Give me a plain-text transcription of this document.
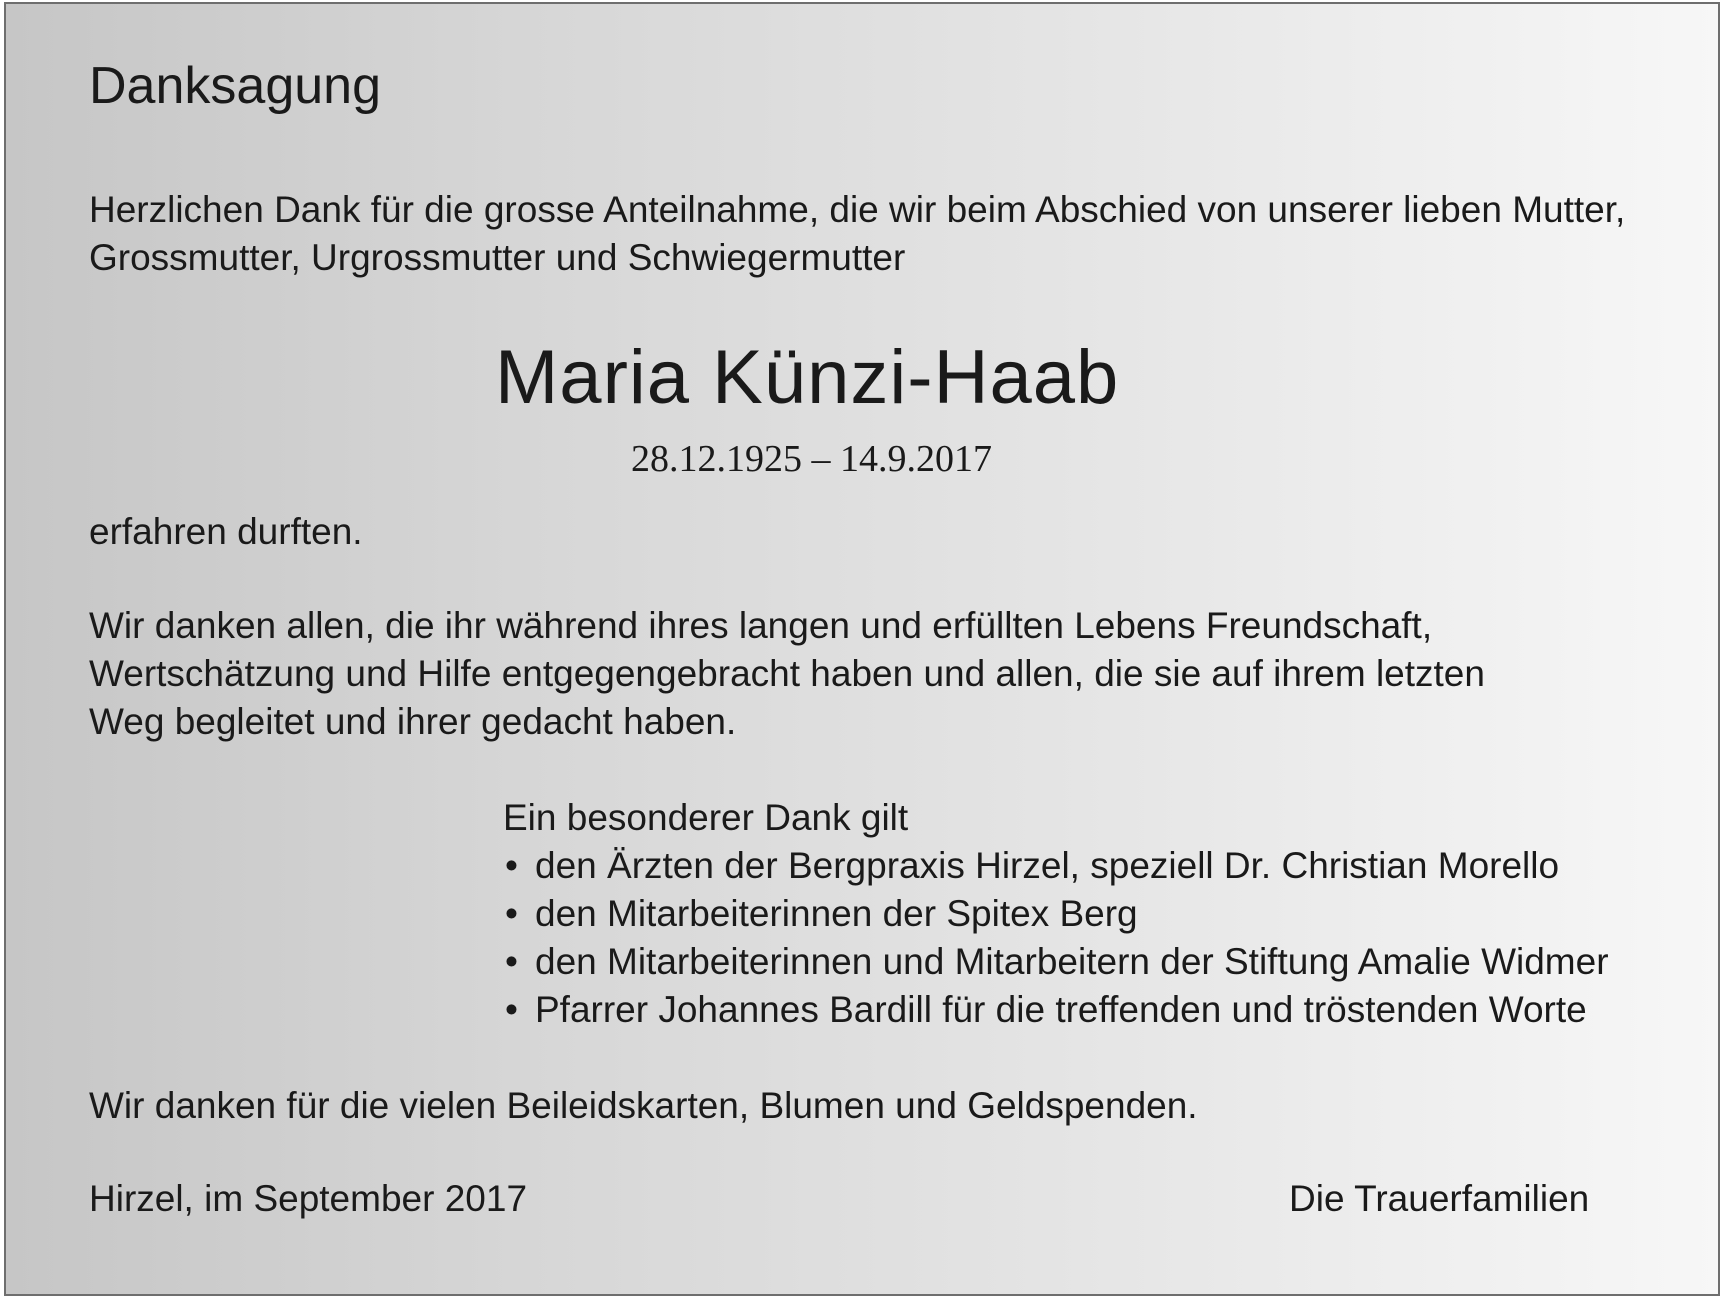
Danksagung
Herzlichen Dank für die grosse Anteilnahme, die wir beim Abschied von unserer lieben Mutter,
Grossmutter, Urgrossmutter und Schwiegermutter
Maria Künzi-Haab
28.12.1925 – 14.9.2017
erfahren durften.
Wir danken allen, die ihr während ihres langen und erfüllten Lebens Freundschaft,
Wertschätzung und Hilfe entgegengebracht haben und allen, die sie auf ihrem letzten
Weg begleitet und ihrer gedacht haben.
Ein besonderer Dank gilt
• den Ärzten der Bergpraxis Hirzel, speziell Dr. Christian Morello
• den Mitarbeiterinnen der Spitex Berg
• den Mitarbeiterinnen und Mitarbeitern der Stiftung Amalie Widmer
• Pfarrer Johannes Bardill für die treffenden und tröstenden Worte
Wir danken für die vielen Beileidskarten, Blumen und Geldspenden.
Hirzel, im September 2017	Die Trauerfamilien
